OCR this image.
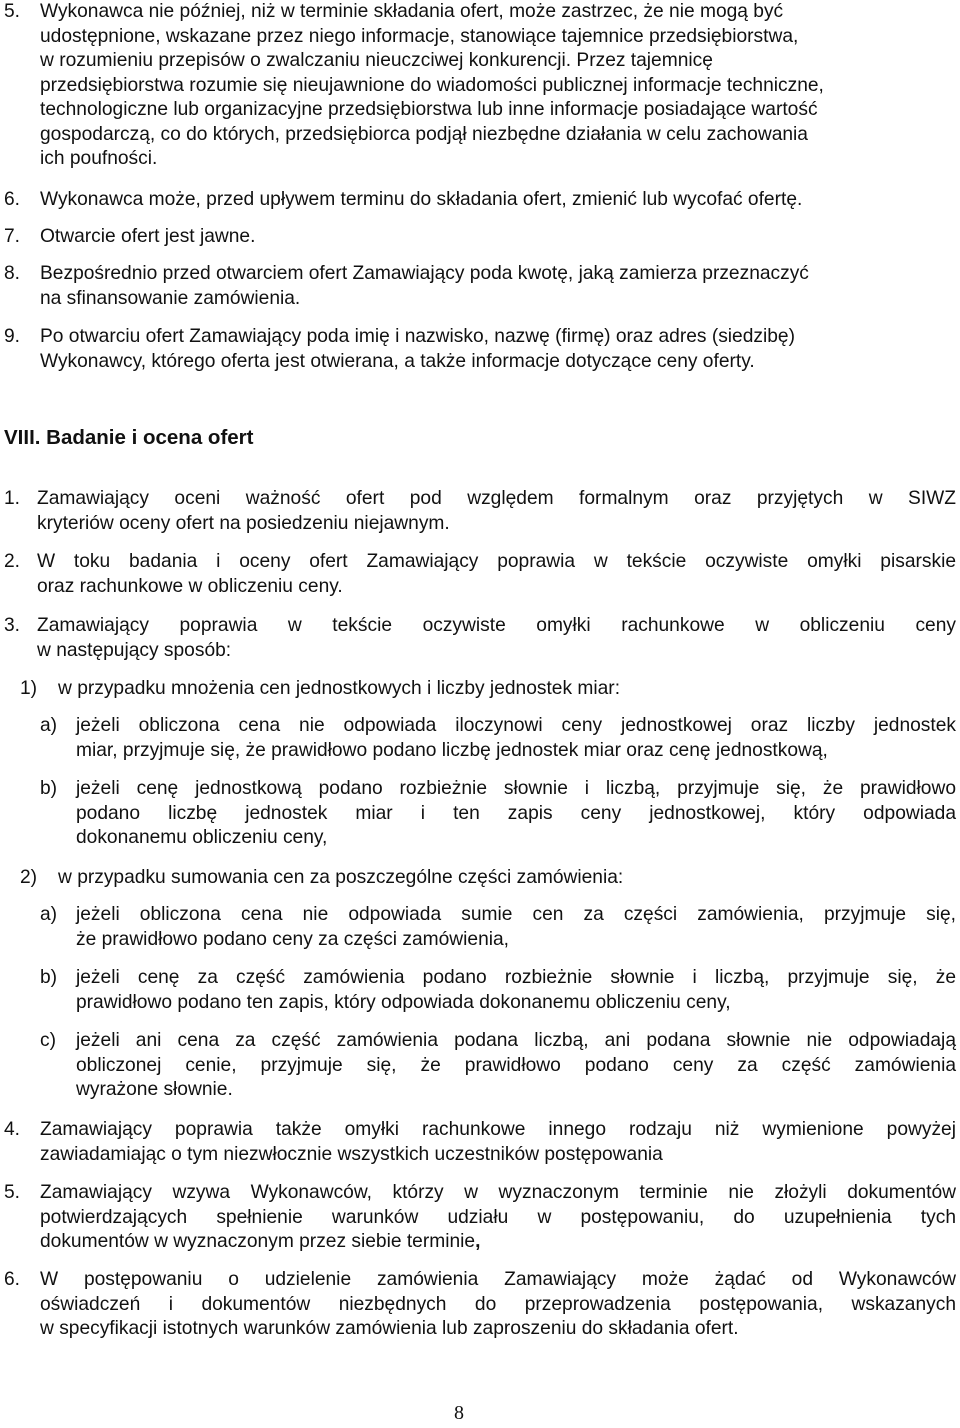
5. Wykonawca nie później, niż w terminie składania ofert, może zastrzec, że nie mogą być
udostępnione, wskazane przez niego informacje, stanowiące tajemnice przedsiębiorstwa,
w rozumieniu przepisów o zwalczaniu nieuczciwej konkurencji. Przez tajemnicę
przedsiębiorstwa rozumie się nieujawnione do wiadomości publicznej informacje techniczne,
technologiczne lub organizacyjne przedsiębiorstwa lub inne informacje posiadające wartość
gospodarczą, co do których, przedsiębiorca podjął niezbędne działania w celu zachowania
ich poufności.
6. Wykonawca może, przed upływem terminu do składania ofert, zmienić lub wycofać ofertę.
7. Otwarcie ofert jest jawne.
8. Bezpośrednio przed otwarciem ofert Zamawiający poda kwotę, jaką zamierza przeznaczyć
na sfinansowanie zamówienia.
9. Po otwarciu ofert Zamawiający poda imię i nazwisko, nazwę (firmę) oraz adres (siedzibę)
Wykonawcy, którego oferta jest otwierana, a także informacje dotyczące ceny oferty.
VIII. Badanie i ocena ofert
1. Zamawiający oceni ważność ofert pod względem formalnym oraz przyjętych w SIWZ
kryteriów oceny ofert na posiedzeniu niejawnym.
2. W toku badania i oceny ofert Zamawiający poprawia w tekście oczywiste omyłki pisarskie
oraz rachunkowe w obliczeniu ceny.
3. Zamawiający poprawia w tekście oczywiste omyłki rachunkowe w obliczeniu ceny
w następujący sposób:
1) w przypadku mnożenia cen jednostkowych i liczby jednostek miar:
a) jeżeli obliczona cena nie odpowiada iloczynowi ceny jednostkowej oraz liczby jednostek
miar, przyjmuje się, że prawidłowo podano liczbę jednostek miar oraz cenę jednostkową,
b) jeżeli cenę jednostkową podano rozbieżnie słownie i liczbą, przyjmuje się, że prawidłowo
podano liczbę jednostek miar i ten zapis ceny jednostkowej, który odpowiada
dokonanemu obliczeniu ceny,
2) w przypadku sumowania cen za poszczególne części zamówienia:
a) jeżeli obliczona cena nie odpowiada sumie cen za części zamówienia, przyjmuje się,
że prawidłowo podano ceny za części zamówienia,
b) jeżeli cenę za część zamówienia podano rozbieżnie słownie i liczbą, przyjmuje się, że
prawidłowo podano ten zapis, który odpowiada dokonanemu obliczeniu ceny,
c) jeżeli ani cena za część zamówienia podana liczbą, ani podana słownie nie odpowiadają
obliczonej cenie, przyjmuje się, że prawidłowo podano ceny za część zamówienia
wyrażone słownie.
4. Zamawiający poprawia także omyłki rachunkowe innego rodzaju niż wymienione powyżej
zawiadamiając o tym niezwłocznie wszystkich uczestników postępowania
5. Zamawiający wzywa Wykonawców, którzy w wyznaczonym terminie nie złożyli dokumentów
potwierdzających spełnienie warunków udziału w postępowaniu, do uzupełnienia tych
dokumentów w wyznaczonym przez siebie terminie,
6. W postępowaniu o udzielenie zamówienia Zamawiający może żądać od Wykonawców
oświadczeń i dokumentów niezbędnych do przeprowadzenia postępowania, wskazanych
w specyfikacji istotnych warunków zamówienia lub zaproszeniu do składania ofert.
8
